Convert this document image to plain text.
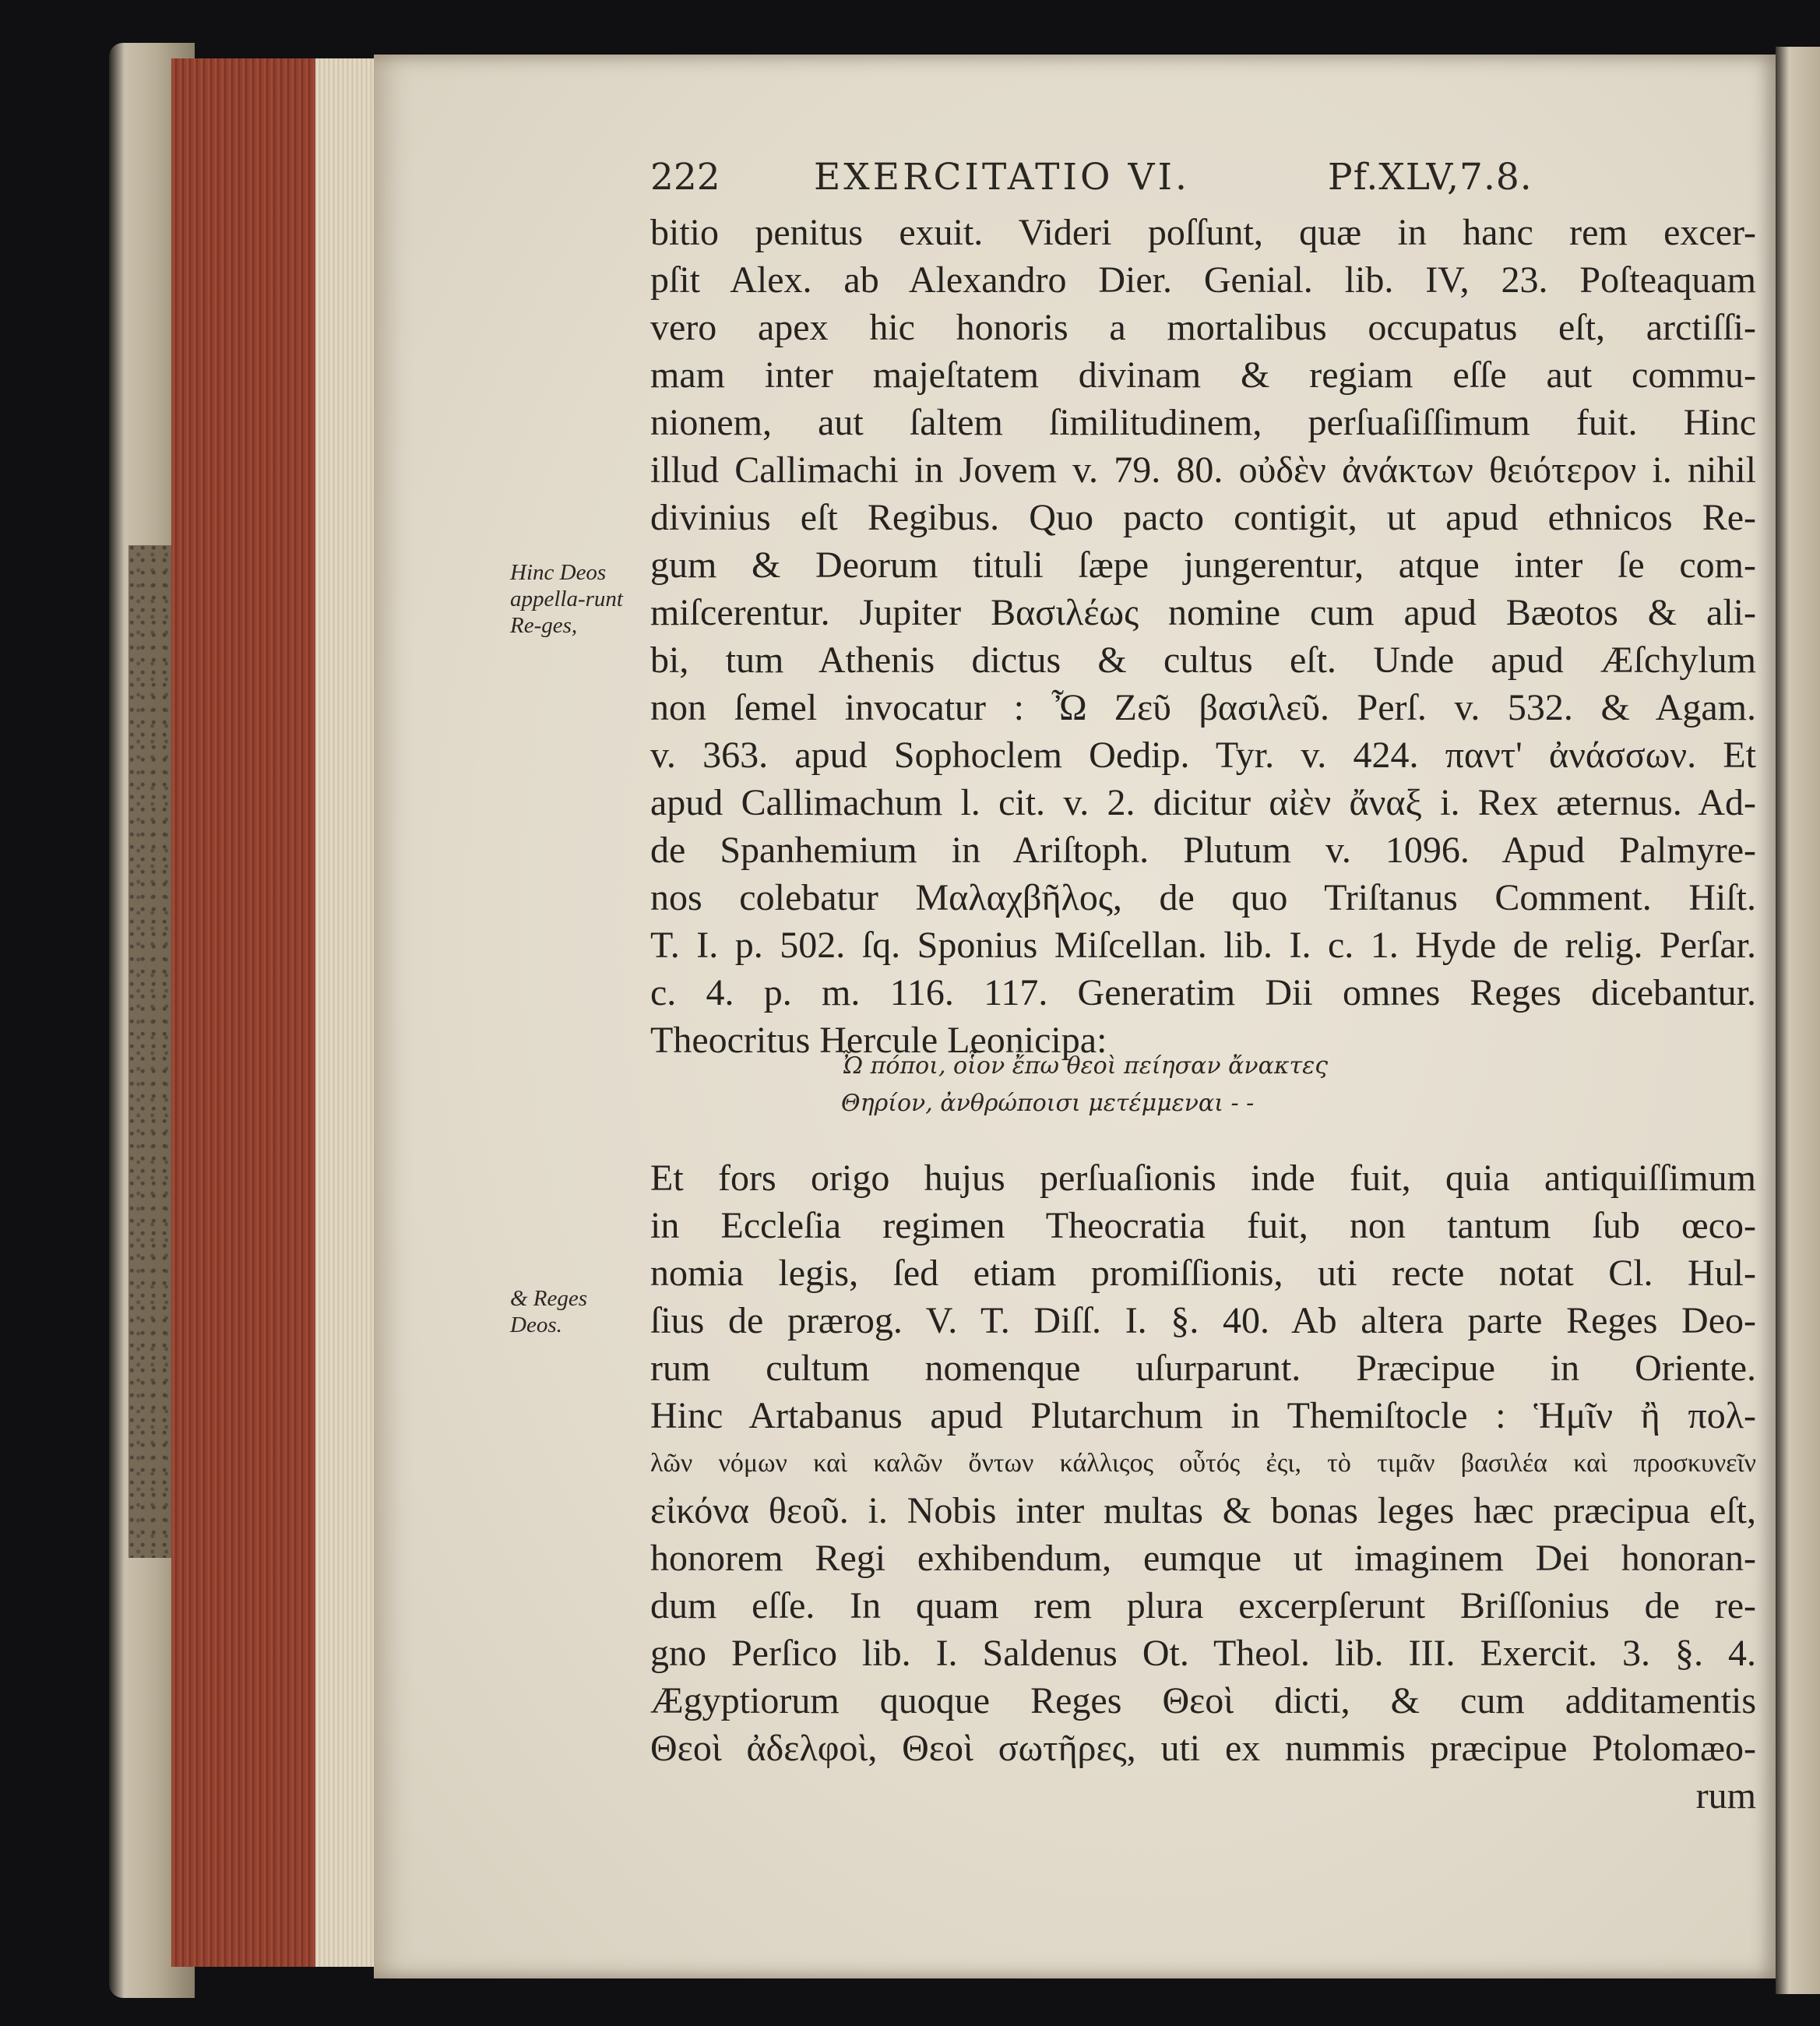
222	EXERCITATIO VI.	Pf.XLV,7.8.
bitio penitus exuit. Videri poſſunt, quæ in hanc rem excer-
pſit Alex. ab Alexandro Dier. Genial. lib. IV, 23. Poſteaquam
vero apex hic honoris a mortalibus occupatus eſt, arctiſſi-
mam inter majeſtatem divinam & regiam eſſe aut commu-
nionem, aut ſaltem ſimilitudinem, perſuaſiſſimum fuit. Hinc
illud Callimachi in Jovem v. 79. 80. οὐδὲν ἀνάκτων θειότερον i. nihil
divinius eſt Regibus. Quo pacto contigit, ut apud ethnicos Re-
gum & Deorum tituli ſæpe jungerentur, atque inter ſe com-
miſcerentur. Jupiter Βασιλέως nomine cum apud Bæotos & ali-
bi, tum Athenis dictus & cultus eſt. Unde apud Æſchylum
non ſemel invocatur : Ὦ Ζεῦ βασιλεῦ. Perſ. v. 532. & Agam.
v. 363. apud Sophoclem Oedip. Tyr. v. 424. παντ' ἀνάσσων. Et
apud Callimachum l. cit. v. 2. dicitur αἰὲν ἄναξ i. Rex æternus. Ad-
de Spanhemium in Ariſtoph. Plutum v. 1096. Apud Palmyre-
nos colebatur Μαλαχβῆλος, de quo Triſtanus Comment. Hiſt.
T. I. p. 502. ſq. Sponius Miſcellan. lib. I. c. 1. Hyde de relig. Perſar.
c. 4. p. m. 116. 117. Generatim Dii omnes Reges dicebantur.
Theocritus Hercule Leonicipa:
Ὦ πόποι, οἷον ἔπω θεοὶ πείησαν ἄνακτες
Θηρίον, ἀνθρώποισι μετέμμεναι - -
Et fors origo hujus perſuaſionis inde fuit, quia antiquiſſimum
in Eccleſia regimen Theocratia fuit, non tantum ſub œco-
nomia legis, ſed etiam promiſſionis, uti recte notat Cl. Hul-
ſius de prærog. V. T. Diſſ. I. §. 40. Ab altera parte Reges Deo-
rum cultum nomenque uſurparunt. Præcipue in Oriente.
Hinc Artabanus apud Plutarchum in Themiſtocle : Ἡμῖν ἢ πολ-
λῶν νόμων καὶ καλῶν ὄντων κάλλιςος οὗτός ἐςι, τὸ τιμᾶν βασιλέα καὶ προσκυνεῖν
εἰκόνα θεοῦ. i. Nobis inter multas & bonas leges hæc præcipua eſt,
honorem Regi exhibendum, eumque ut imaginem Dei honoran-
dum eſſe. In quam rem plura excerpſerunt Briſſonius de re-
gno Perſico lib. I. Saldenus Ot. Theol. lib. III. Exercit. 3. §. 4.
Ægyptiorum quoque Reges Θεοὶ dicti, & cum additamentis
Θεοὶ ἀδελφοὶ, Θεοὶ σωτῆρες, uti ex nummis præcipue Ptolomæo-
rum
Hinc Deos appella-runt Re-ges,
& Reges Deos.
